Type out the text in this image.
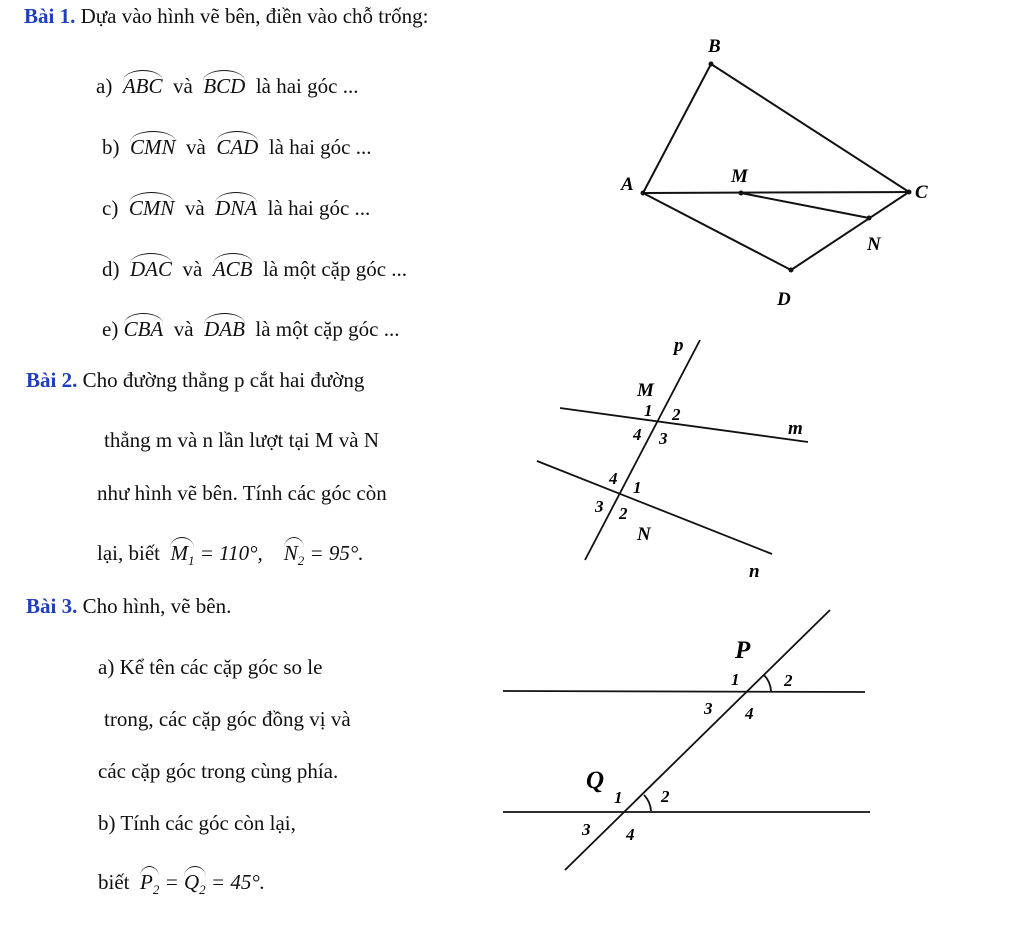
Bài 1. Dựa vào hình vẽ bên, điền vào chỗ trống:
a) ABC và BCD là hai góc ...
b) CMN và CAD là hai góc ...
c) CMN và DNA là hai góc ...
d) DAC và ACB là một cặp góc ...
e) CBA và DAB là một cặp góc ...
Bài 2. Cho đường thẳng p cắt hai đường
thẳng m và n lần lượt tại M và N
như hình vẽ bên. Tính các góc còn
lại, biết $M_1 = 110^\circ$, $N_2 = 95^\circ$.
Bài 3. Cho hình, vẽ bên.
a) Kể tên các cặp góc so le
trong, các cặp góc đồng vị và
các cặp góc trong cùng phía.
b) Tính các góc còn lại,
biết $P_2 = Q_2 = 45^\circ$.
B
A	M
C
N
D
p
M
m
N
n
1 2
3
4
1
2
3
4
P
Q
1	2
3 4
1 2
3 4
